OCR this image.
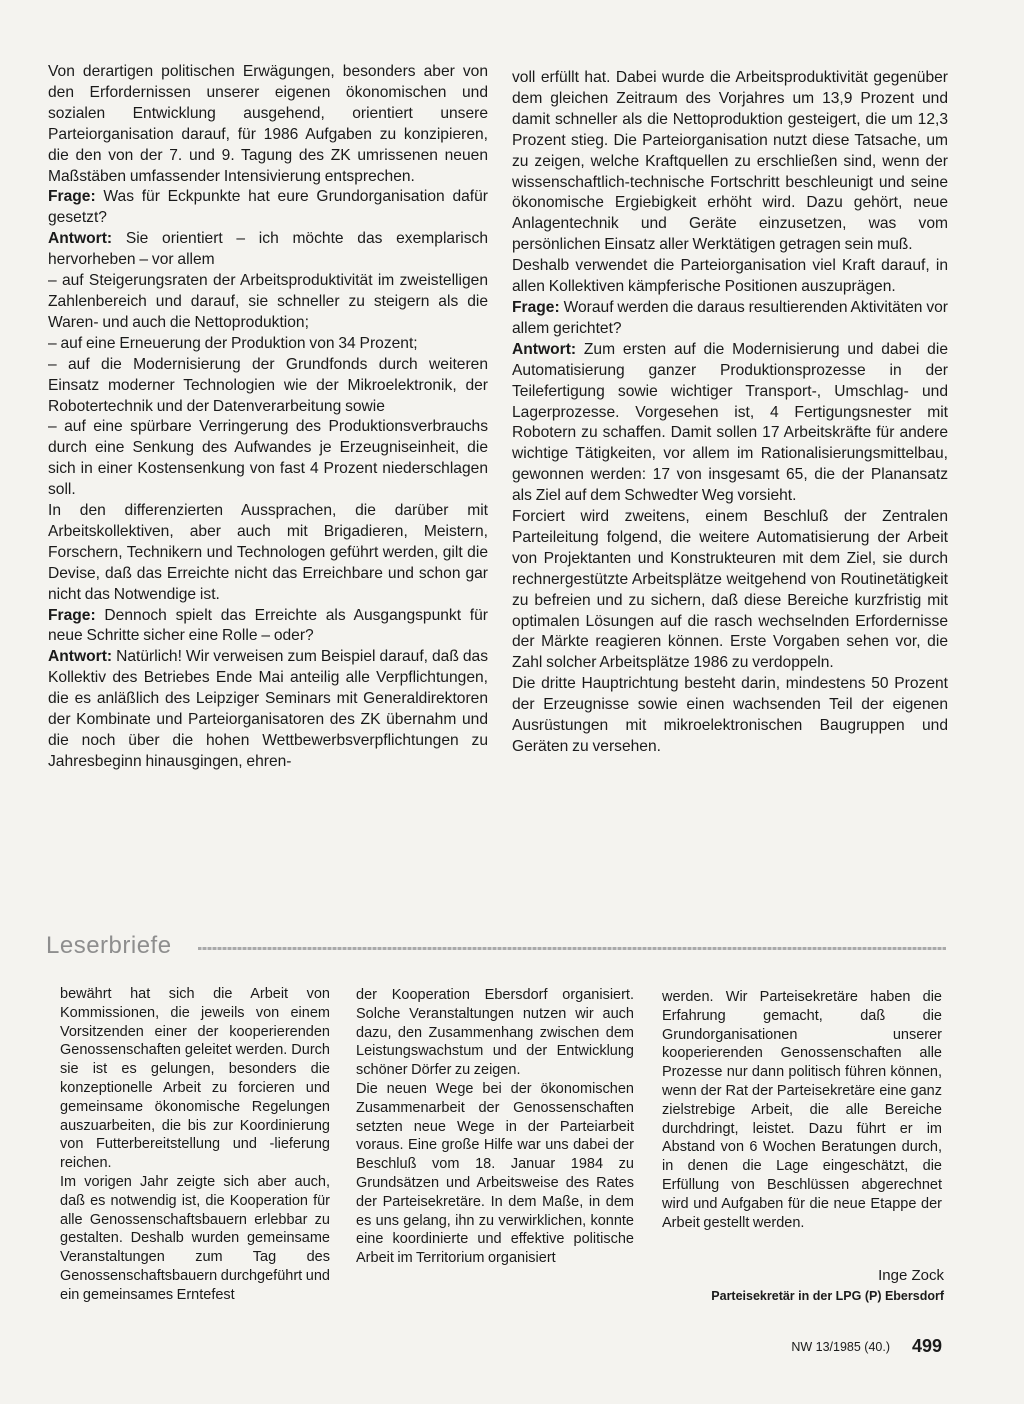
Von derartigen politischen Erwägungen, besonders aber von den Erfordernissen unserer eigenen ökonomischen und sozialen Entwicklung ausgehend, orientiert unsere Parteiorganisation darauf, für 1986 Aufgaben zu konzipieren, die den von der 7. und 9. Tagung des ZK umrissenen neuen Maßstäben umfassender Intensivierung entsprechen.

Frage: Was für Eckpunkte hat eure Grundorganisation dafür gesetzt?

Antwort: Sie orientiert – ich möchte das exemplarisch hervorheben – vor allem

– auf Steigerungsraten der Arbeitsproduktivität im zweistelligen Zahlenbereich und darauf, sie schneller zu steigern als die Waren- und auch die Nettoproduktion;

– auf eine Erneuerung der Produktion von 34 Prozent;

– auf die Modernisierung der Grundfonds durch weiteren Einsatz moderner Technologien wie der Mikroelektronik, der Robotertechnik und der Datenverarbeitung sowie

– auf eine spürbare Verringerung des Produktionsverbrauchs durch eine Senkung des Aufwandes je Erzeugniseinheit, die sich in einer Kostensenkung von fast 4 Prozent niederschlagen soll.

In den differenzierten Aussprachen, die darüber mit Arbeitskollektiven, aber auch mit Brigadieren, Meistern, Forschern, Technikern und Technologen geführt werden, gilt die Devise, daß das Erreichte nicht das Erreichbare und schon gar nicht das Notwendige ist.

Frage: Dennoch spielt das Erreichte als Ausgangspunkt für neue Schritte sicher eine Rolle – oder?

Antwort: Natürlich! Wir verweisen zum Beispiel darauf, daß das Kollektiv des Betriebes Ende Mai anteilig alle Verpflichtungen, die es anläßlich des Leipziger Seminars mit Generaldirektoren der Kombinate und Parteiorganisatoren des ZK übernahm und die noch über die hohen Wettbewerbsverpflichtungen zu Jahresbeginn hinausgingen, ehren-

voll erfüllt hat. Dabei wurde die Arbeitsproduktivität gegenüber dem gleichen Zeitraum des Vorjahres um 13,9 Prozent und damit schneller als die Nettoproduktion gesteigert, die um 12,3 Prozent stieg. Die Parteiorganisation nutzt diese Tatsache, um zu zeigen, welche Kraftquellen zu erschließen sind, wenn der wissenschaftlich-technische Fortschritt beschleunigt und seine ökonomische Ergiebigkeit erhöht wird. Dazu gehört, neue Anlagentechnik und Geräte einzusetzen, was vom persönlichen Einsatz aller Werktätigen getragen sein muß.

Deshalb verwendet die Parteiorganisation viel Kraft darauf, in allen Kollektiven kämpferische Positionen auszuprägen.

Frage: Worauf werden die daraus resultierenden Aktivitäten vor allem gerichtet?

Antwort: Zum ersten auf die Modernisierung und dabei die Automatisierung ganzer Produktionsprozesse in der Teilefertigung sowie wichtiger Transport-, Umschlag- und Lagerprozesse. Vorgesehen ist, 4 Fertigungsnester mit Robotern zu schaffen. Damit sollen 17 Arbeitskräfte für andere wichtige Tätigkeiten, vor allem im Rationalisierungsmittelbau, gewonnen werden: 17 von insgesamt 65, die der Planansatz als Ziel auf dem Schwedter Weg vorsieht.

Forciert wird zweitens, einem Beschluß der Zentralen Parteileitung folgend, die weitere Automatisierung der Arbeit von Projektanten und Konstrukteuren mit dem Ziel, sie durch rechnergestützte Arbeitsplätze weitgehend von Routinetätigkeit zu befreien und zu sichern, daß diese Bereiche kurzfristig mit optimalen Lösungen auf die rasch wechselnden Erfordernisse der Märkte reagieren können. Erste Vorgaben sehen vor, die Zahl solcher Arbeitsplätze 1986 zu verdoppeln.

Die dritte Hauptrichtung besteht darin, mindestens 50 Prozent der Erzeugnisse sowie einen wachsenden Teil der eigenen Ausrüstungen mit mikroelektronischen Baugruppen und Geräten zu versehen.

Leserbriefe

bewährt hat sich die Arbeit von Kommissionen, die jeweils von einem Vorsitzenden einer der kooperierenden Genossenschaften geleitet werden. Durch sie ist es gelungen, besonders die konzeptionelle Arbeit zu forcieren und gemeinsame ökonomische Regelungen auszuarbeiten, die bis zur Koordinierung von Futterbereitstellung und -lieferung reichen.

Im vorigen Jahr zeigte sich aber auch, daß es notwendig ist, die Kooperation für alle Genossenschaftsbauern erlebbar zu gestalten. Deshalb wurden gemeinsame Veranstaltungen zum Tag des Genossenschaftsbauern durchgeführt und ein gemeinsames Erntefest

der Kooperation Ebersdorf organisiert. Solche Veranstaltungen nutzen wir auch dazu, den Zusammenhang zwischen dem Leistungswachstum und der Entwicklung schöner Dörfer zu zeigen.

Die neuen Wege bei der ökonomischen Zusammenarbeit der Genossenschaften setzten neue Wege in der Parteiarbeit voraus. Eine große Hilfe war uns dabei der Beschluß vom 18. Januar 1984 zu Grundsätzen und Arbeitsweise des Rates der Parteisekretäre. In dem Maße, in dem es uns gelang, ihn zu verwirklichen, konnte eine koordinierte und effektive politische Arbeit im Territorium organisiert

werden. Wir Parteisekretäre haben die Erfahrung gemacht, daß die Grundorganisationen unserer kooperierenden Genossenschaften alle Prozesse nur dann politisch führen können, wenn der Rat der Parteisekretäre eine ganz zielstrebige Arbeit, die alle Bereiche durchdringt, leistet. Dazu führt er im Abstand von 6 Wochen Beratungen durch, in denen die Lage eingeschätzt, die Erfüllung von Beschlüssen abgerechnet wird und Aufgaben für die neue Etappe der Arbeit gestellt werden.

Inge Zock
Parteisekretär in der LPG (P) Ebersdorf
NW 13/1985 (40.) 499
